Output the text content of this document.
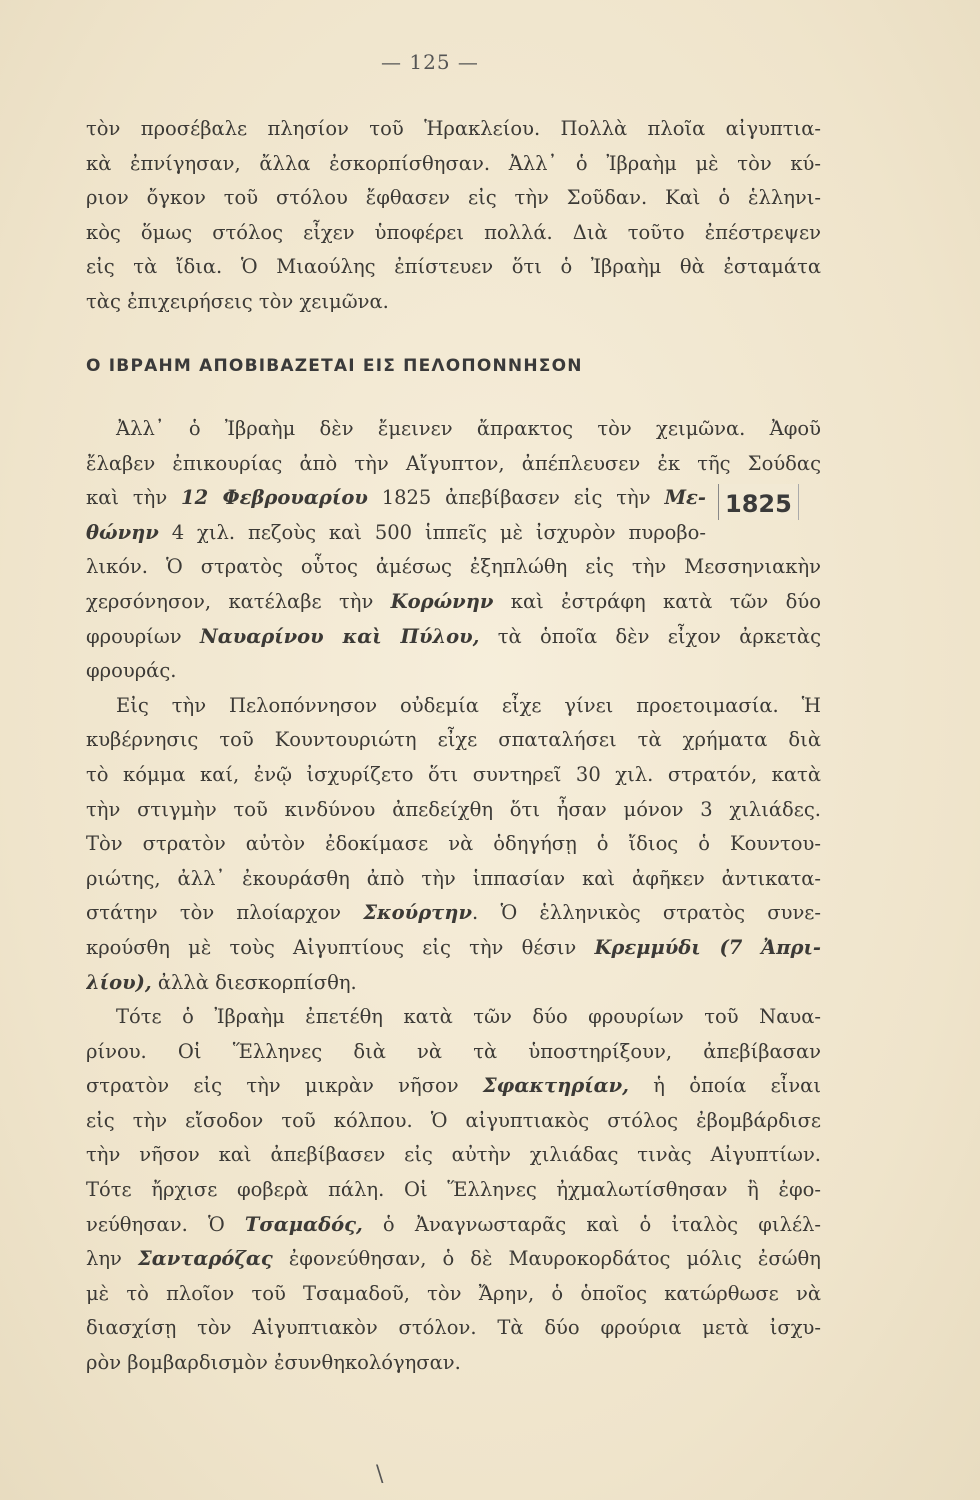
— 125 —
τὸν προσέβαλε πλησίον τοῦ Ἡρακλείου. Πολλὰ πλοῖα αἰγυπτια-
κὰ ἐπνίγησαν, ἄλλα ἐσκορπίσθησαν. Ἀλλ᾽ ὁ Ἰβραὴμ μὲ τὸν κύ-
ριον ὄγκον τοῦ στόλου ἔφθασεν εἰς τὴν Σοῦδαν. Καὶ ὁ ἑλληνι-
κὸς ὅμως στόλος εἶχεν ὑποφέρει πολλά. Διὰ τοῦτο ἐπέστρεψεν
εἰς τὰ ἴδια. Ὁ Μιαούλης ἐπίστευεν ὅτι ὁ Ἰβραὴμ θὰ ἐσταμάτα
τὰς ἐπιχειρήσεις τὸν χειμῶνα.
Ο ΙΒΡΑΗΜ ΑΠΟΒΙΒΑΖΕΤΑΙ ΕΙΣ ΠΕΛΟΠΟΝΝΗΣΟΝ
Ἀλλ᾽ ὁ Ἰβραὴμ δὲν ἔμεινεν ἄπρακτος τὸν χειμῶνα. Ἀφοῦ
ἔλαβεν ἐπικουρίας ἀπὸ τὴν Αἴγυπτον, ἀπέπλευσεν ἐκ τῆς Σούδας
καὶ τὴν 12 Φεβρουαρίου 1825 ἀπεβίβασεν εἰς τὴν Με-
θώνην 4 χιλ. πεζοὺς καὶ 500 ἱππεῖς μὲ ἰσχυρὸν πυροβο-
λικόν. Ὁ στρατὸς οὗτος ἀμέσως ἐξηπλώθη εἰς τὴν Μεσσηνιακὴν
χερσόνησον, κατέλαβε τὴν Κορώνην καὶ ἐστράφη κατὰ τῶν δύο
φρουρίων Ναυαρίνου καὶ Πύλου, τὰ ὁποῖα δὲν εἶχον ἀρκετὰς
φρουράς.
Εἰς τὴν Πελοπόννησον οὐδεμία εἶχε γίνει προετοιμασία. Ἡ
κυβέρνησις τοῦ Κουντουριώτη εἶχε σπαταλήσει τὰ χρήματα διὰ
τὸ κόμμα καί, ἐνῷ ἰσχυρίζετο ὅτι συντηρεῖ 30 χιλ. στρατόν, κατὰ
τὴν στιγμὴν τοῦ κινδύνου ἀπεδείχθη ὅτι ἦσαν μόνον 3 χιλιάδες.
Τὸν στρατὸν αὐτὸν ἐδοκίμασε νὰ ὁδηγήσῃ ὁ ἴδιος ὁ Κουντου-
ριώτης, ἀλλ᾽ ἐκουράσθη ἀπὸ τὴν ἱππασίαν καὶ ἀφῆκεν ἀντικατα-
στάτην τὸν πλοίαρχον Σκούρτην. Ὁ ἑλληνικὸς στρατὸς συνε-
κρούσθη μὲ τοὺς Αἰγυπτίους εἰς τὴν θέσιν Κρεμμύδι (7 Ἀπρι-
λίου), ἀλλὰ διεσκορπίσθη.
Τότε ὁ Ἰβραὴμ ἐπετέθη κατὰ τῶν δύο φρουρίων τοῦ Ναυα-
ρίνου. Οἱ Ἕλληνες διὰ νὰ τὰ ὑποστηρίξουν, ἀπεβίβασαν
στρατὸν εἰς τὴν μικρὰν νῆσον Σφακτηρίαν, ἡ ὁποία εἶναι
εἰς τὴν εἴσοδον τοῦ κόλπου. Ὁ αἰγυπτιακὸς στόλος ἐβομβάρδισε
τὴν νῆσον καὶ ἀπεβίβασεν εἰς αὐτὴν χιλιάδας τινὰς Αἰγυπτίων.
Τότε ἤρχισε φοβερὰ πάλη. Οἱ Ἕλληνες ἠχμαλωτίσθησαν ἢ ἐφο-
νεύθησαν. Ὁ Τσαμαδός, ὁ Ἀναγνωσταρᾶς καὶ ὁ ἰταλὸς φιλέλ-
λην Σανταρόζας ἐφονεύθησαν, ὁ δὲ Μαυροκορδάτος μόλις ἐσώθη
μὲ τὸ πλοῖον τοῦ Τσαμαδοῦ, τὸν Ἄρην, ὁ ὁποῖος κατώρθωσε νὰ
διασχίσῃ τὸν Αἰγυπτιακὸν στόλον. Τὰ δύο φρούρια μετὰ ἰσχυ-
ρὸν βομβαρδισμὸν ἐσυνθηκολόγησαν.
1825
\
